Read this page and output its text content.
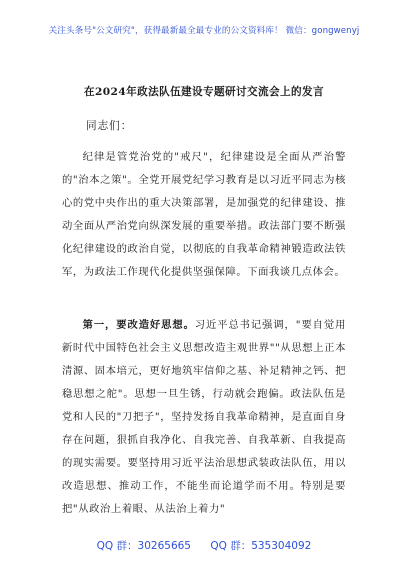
关注头条号"公文研究"，获得最新最全最专业的公文资料库！ 微信：gongwenyj
在2024年政法队伍建设专题研讨交流会上的发言
同志们：

纪律是管党治党的"戒尺"，纪律建设是全面从严治警的"治本之策"。全党开展党纪学习教育是以习近平同志为核心的党中央作出的重大决策部署，是加强党的纪律建设、推动全面从严治党向纵深发展的重要举措。政法部门要不断强化纪律建设的政治自觉，以彻底的自我革命精神锻造政法铁军，为政法工作现代化提供坚强保障。下面我谈几点体会。

第一，要改造好思想。习近平总书记强调，"要自觉用新时代中国特色社会主义思想改造主观世界""从思想上正本清源、固本培元，更好地筑牢信仰之基、补足精神之钙、把稳思想之舵"。思想一旦生锈，行动就会跑偏。政法队伍是党和人民的"刀把子"，坚持发扬自我革命精神，是直面自身存在问题，狠抓自我净化、自我完善、自我革新、自我提高的现实需要。要坚持用习近平法治思想武装政法队伍，用以改造思想、推动工作，不能坐而论道学而不用。特别是要把"从政治上着眼、从法治上着力"

QQ 群：30265665 QQ 群：535304092
